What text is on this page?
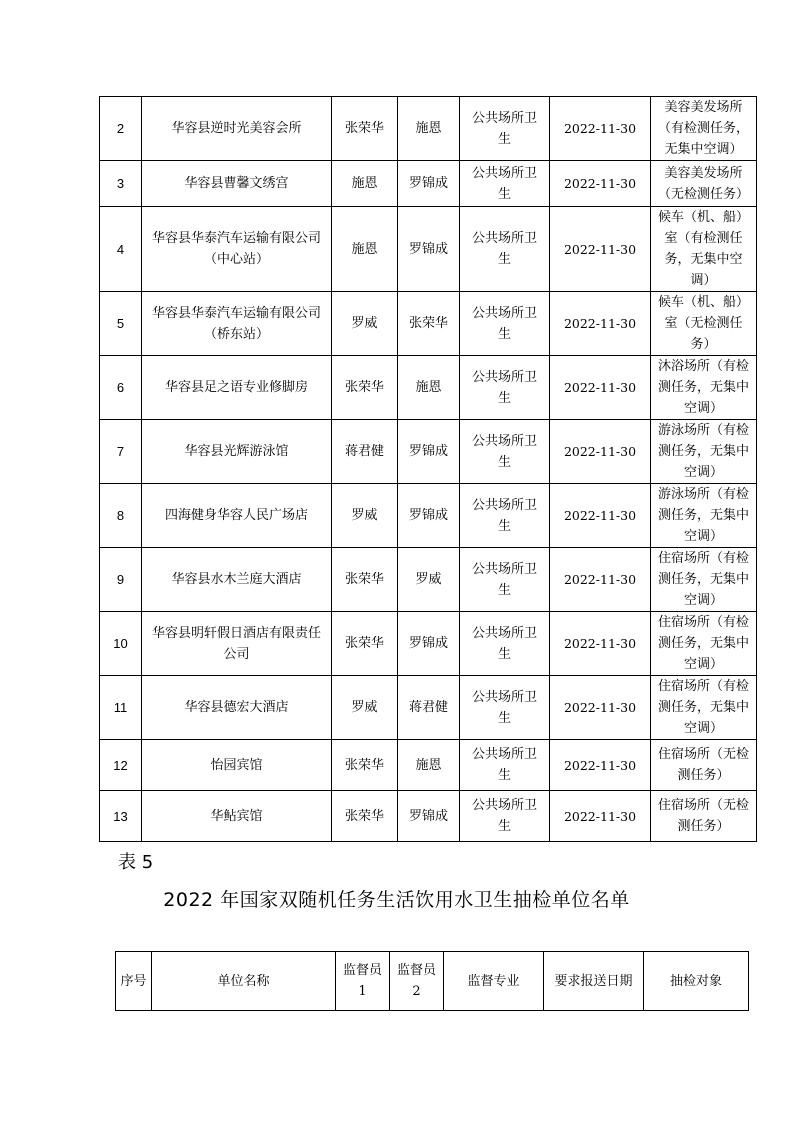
2	华容县逆时光美容会所	张荣华	施恩	公共场所卫
生	2022-11-30	美容美发场所
（有检测任务，
无集中空调）
3	华容县曹馨文绣宫	施恩	罗锦成	公共场所卫
生	2022-11-30	美容美发场所
（无检测任务）
4	华容县华泰汽车运输有限公司
（中心站）	施恩	罗锦成	公共场所卫
生	2022-11-30	候车（机、船）
室（有检测任
务，无集中空
调）
5	华容县华泰汽车运输有限公司
（桥东站）	罗威	张荣华	公共场所卫
生	2022-11-30	候车（机、船）
室（无检测任
务）
6	华容县足之语专业修脚房	张荣华	施恩	公共场所卫
生	2022-11-30	沐浴场所（有检
测任务，无集中
空调）
7	华容县光辉游泳馆	蒋君健	罗锦成	公共场所卫
生	2022-11-30	游泳场所（有检
测任务，无集中
空调）
8	四海健身华容人民广场店	罗威	罗锦成	公共场所卫
生	2022-11-30	游泳场所（有检
测任务，无集中
空调）
9	华容县水木兰庭大酒店	张荣华	罗威	公共场所卫
生	2022-11-30	住宿场所（有检
测任务，无集中
空调）
10	华容县明轩假日酒店有限责任
公司	张荣华	罗锦成	公共场所卫
生	2022-11-30	住宿场所（有检
测任务，无集中
空调）
11	华容县德宏大酒店	罗威	蒋君健	公共场所卫
生	2022-11-30	住宿场所（有检
测任务，无集中
空调）
12	怡园宾馆	张荣华	施恩	公共场所卫
生	2022-11-30	住宿场所（无检
测任务）
13	华鲇宾馆	张荣华	罗锦成	公共场所卫
生	2022-11-30	住宿场所（无检
测任务）
表 5
2022 年国家双随机任务生活饮用水卫生抽检单位名单
序号	单位名称	监督员 1	监督员 2	监督专业	要求报送日期	抽检对象
